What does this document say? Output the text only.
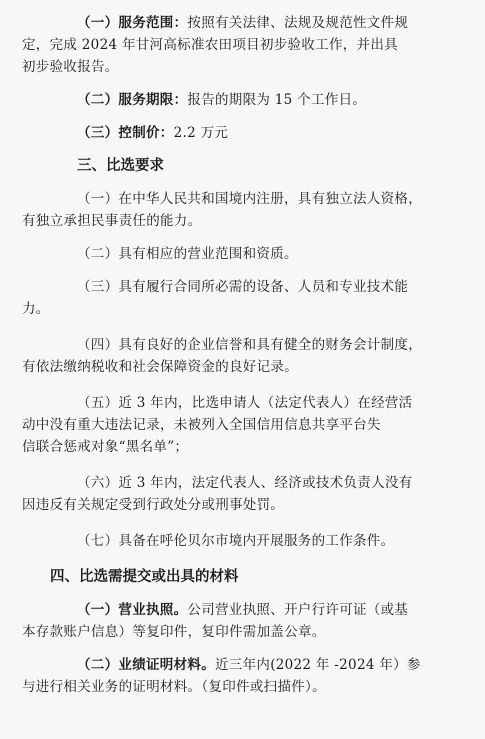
（一）服务范围：按照有关法律、法规及规范性文件规

定，完成 2024 年甘河高标准农田项目初步验收工作，并出具

初步验收报告。

（二）服务期限：报告的期限为 15 个工作日。

（三）控制价：2.2 万元

三、比选要求

（一）在中华人民共和国境内注册，具有独立法人资格，

有独立承担民事责任的能力。

（二）具有相应的营业范围和资质。

（三）具有履行合同所必需的设备、人员和专业技术能

力。

（四）具有良好的企业信誉和具有健全的财务会计制度，

有依法缴纳税收和社会保障资金的良好记录。

（五）近 3 年内，比选申请人（法定代表人）在经营活

动中没有重大违法记录，未被列入全国信用信息共享平台失

信联合惩戒对象“黑名单”；

（六）近 3 年内，法定代表人、经济或技术负责人没有

因违反有关规定受到行政处分或刑事处罚。

（七）具备在呼伦贝尔市境内开展服务的工作条件。

四、比选需提交或出具的材料

（一）营业执照。公司营业执照、开户行许可证（或基

本存款账户信息）等复印件，复印件需加盖公章。

（二）业绩证明材料。近三年内(2022 年 -2024 年）参

与进行相关业务的证明材料。（复印件或扫描件）。
